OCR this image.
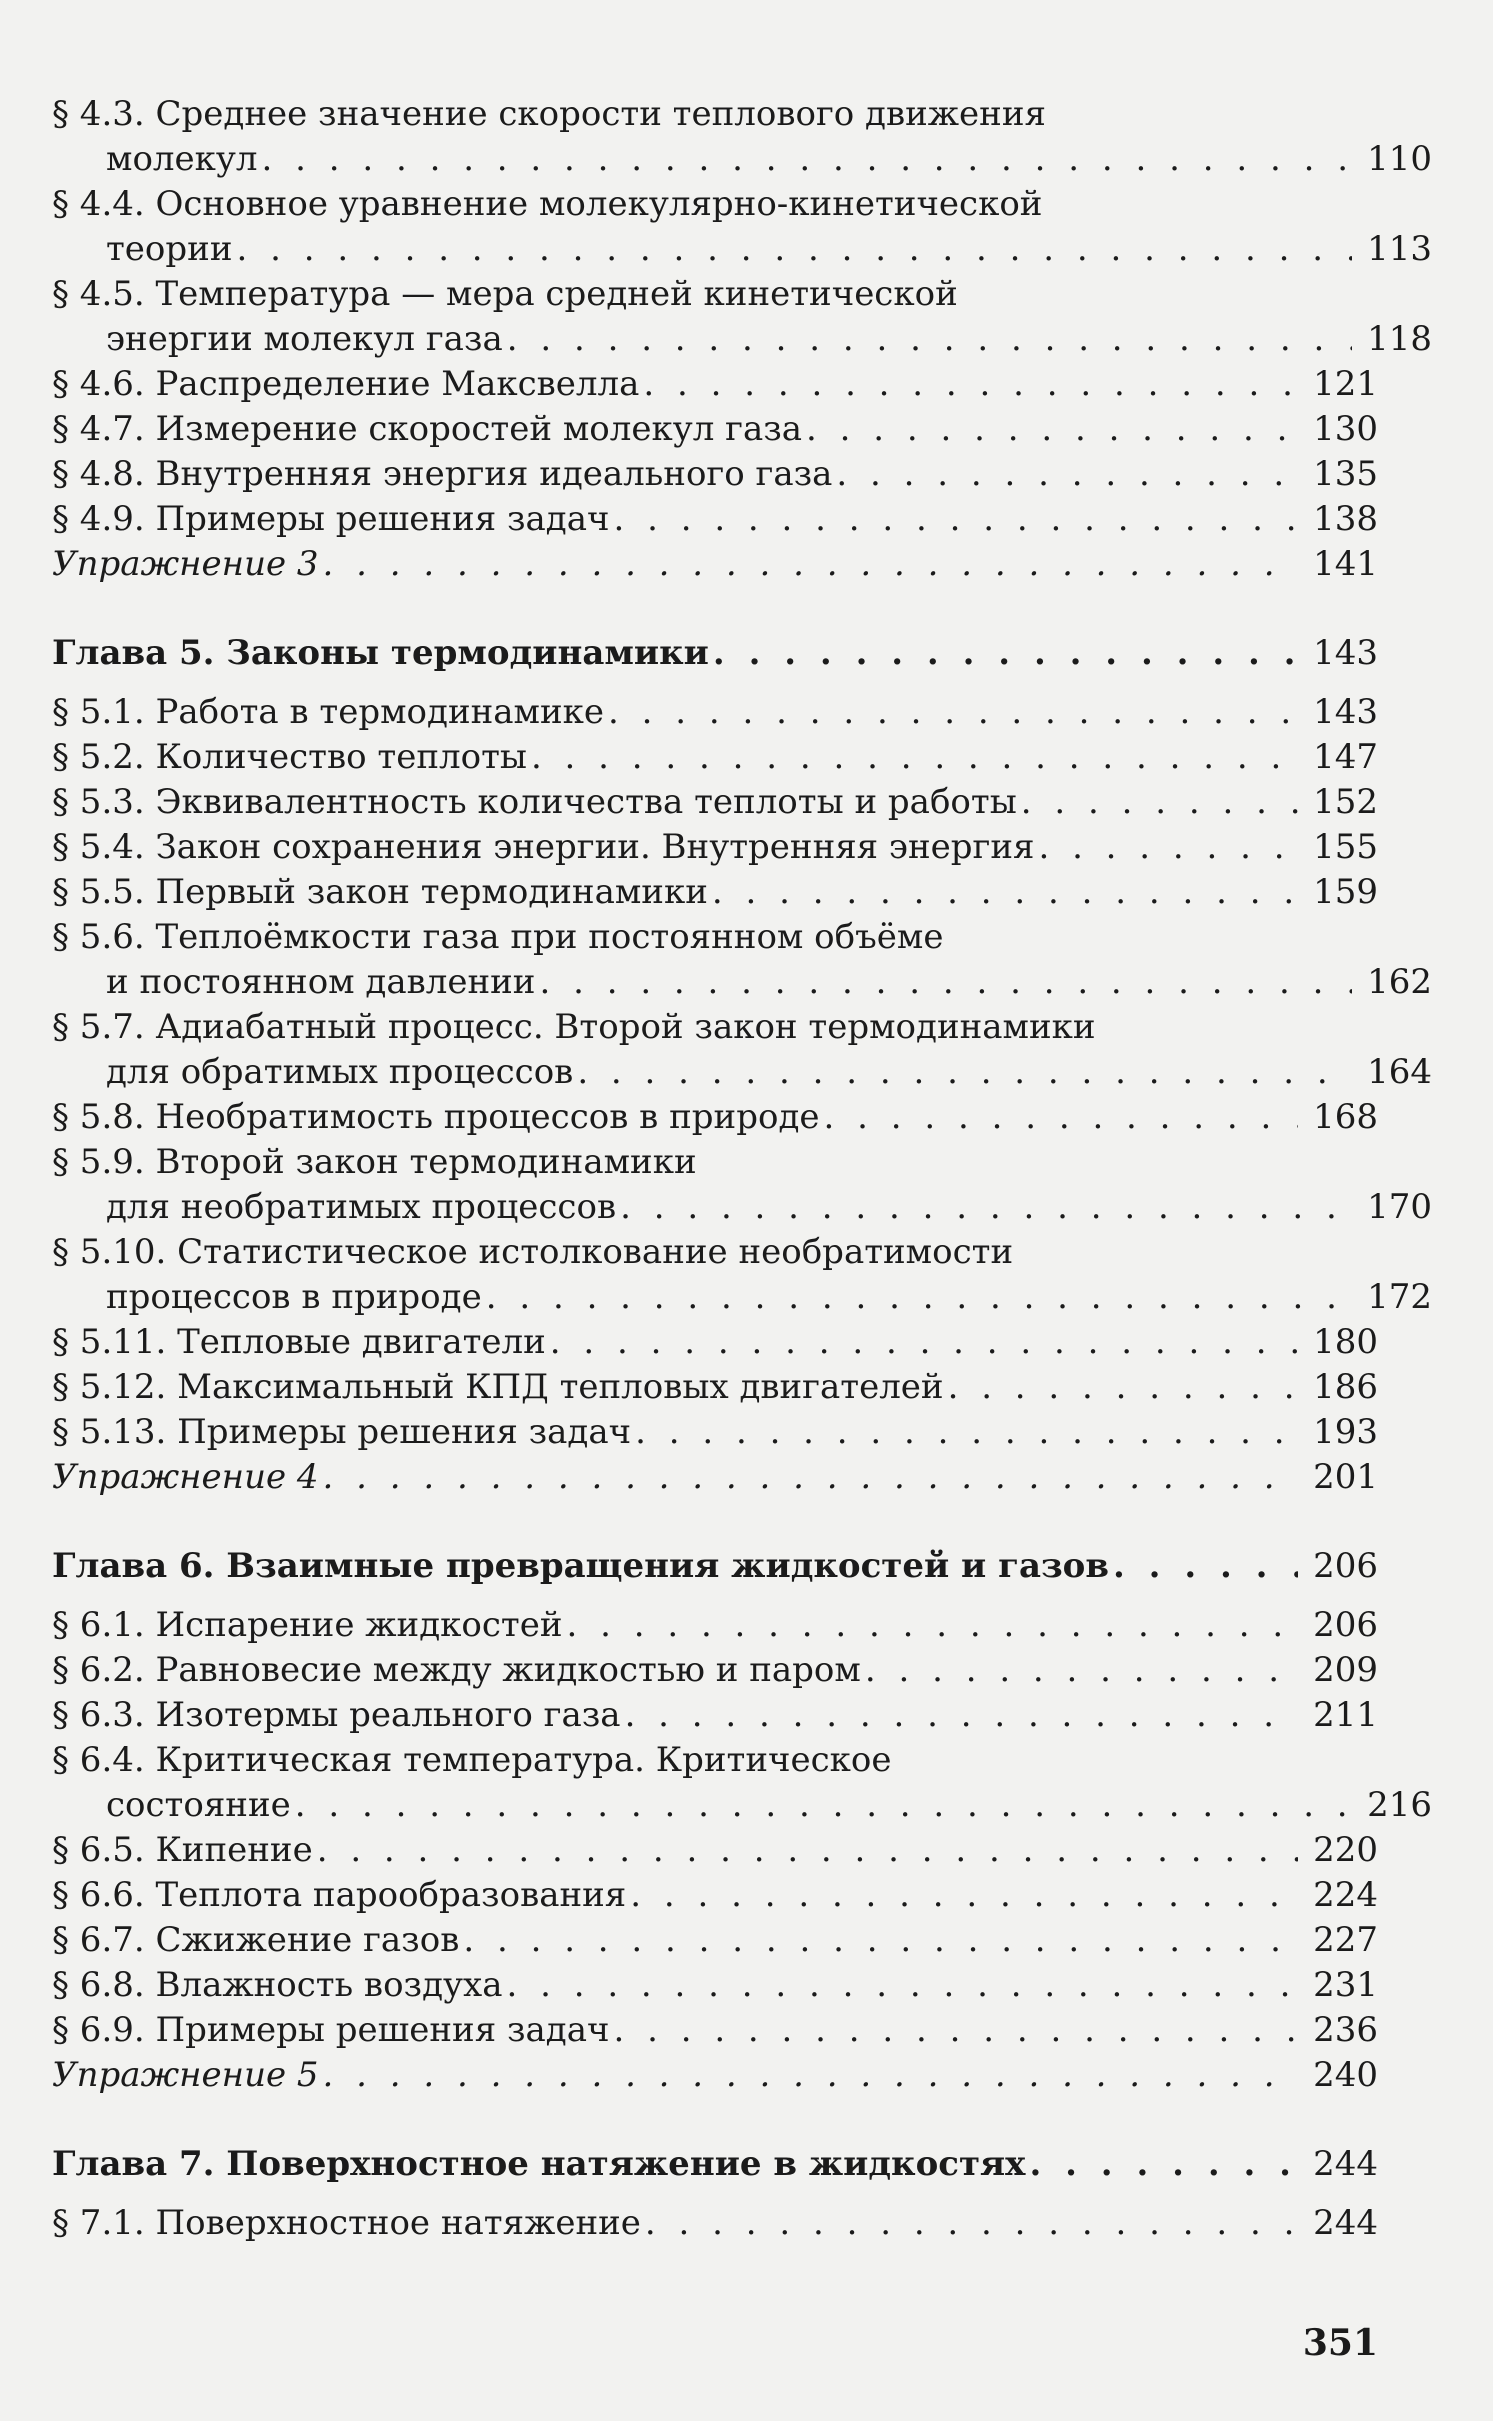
§ 4.3. Среднее значение скорости теплового движения
молекул . . .	110
§ 4.4. Основное уравнение молекулярно-кинетической
теории . . .	113
§ 4.5. Температура — мера средней кинетической
энергии молекул газа . . .	118
§ 4.6. Распределение Максвелла . . .	121
§ 4.7. Измерение скоростей молекул газа . . .	130
§ 4.8. Внутренняя энергия идеального газа . . .	135
§ 4.9. Примеры решения задач . . .	138
Упражнение 3 . . .	141
Глава 5. Законы термодинамики . . .	143
§ 5.1. Работа в термодинамике . . .	143
§ 5.2. Количество теплоты . . .	147
§ 5.3. Эквивалентность количества теплоты и работы . . .	152
§ 5.4. Закон сохранения энергии. Внутренняя энергия . . .	155
§ 5.5. Первый закон термодинамики . . .	159
§ 5.6. Теплоёмкости газа при постоянном объёме
и постоянном давлении . . .	162
§ 5.7. Адиабатный процесс. Второй закон термодинамики
для обратимых процессов . . .	164
§ 5.8. Необратимость процессов в природе . . .	168
§ 5.9. Второй закон термодинамики
для необратимых процессов . . .	170
§ 5.10. Статистическое истолкование необратимости
процессов в природе . . .	172
§ 5.11. Тепловые двигатели . . .	180
§ 5.12. Максимальный КПД тепловых двигателей . . .	186
§ 5.13. Примеры решения задач . . .	193
Упражнение 4 . . .	201
Глава 6. Взаимные превращения жидкостей и газов . . .	206
§ 6.1. Испарение жидкостей . . .	206
§ 6.2. Равновесие между жидкостью и паром . . .	209
§ 6.3. Изотермы реального газа . . .	211
§ 6.4. Критическая температура. Критическое
состояние . . .	216
§ 6.5. Кипение . . .	220
§ 6.6. Теплота парообразования . . .	224
§ 6.7. Сжижение газов . . .	227
§ 6.8. Влажность воздуха . . .	231
§ 6.9. Примеры решения задач . . .	236
Упражнение 5 . . .	240
Глава 7. Поверхностное натяжение в жидкостях . . .	244
§ 7.1. Поверхностное натяжение . . .	244
351
